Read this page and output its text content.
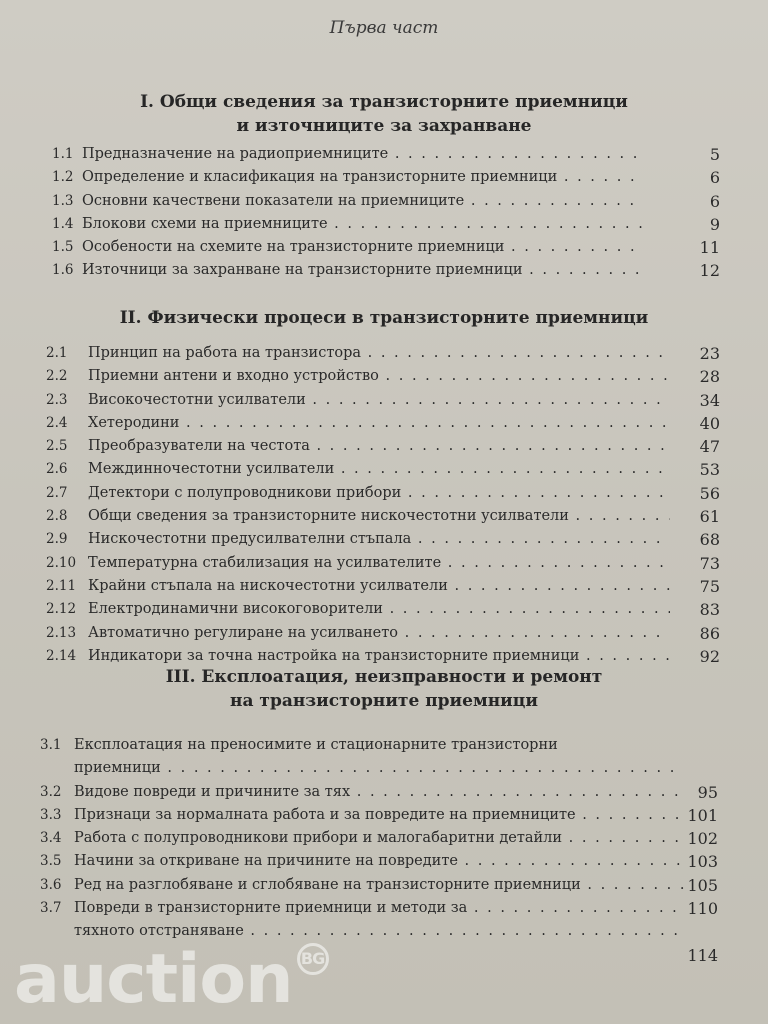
Първа част
I. Общи сведения за транзисторните приемници
и източниците за захранване
1.1 Предназначение на радиоприемниците . . .	5
1.2 Определение и класификация на транзисторните приемници . . .	6
1.3 Основни качествени показатели на приемниците . . .	6
1.4 Блокови схеми на приемниците . . .	9
1.5 Особености на схемите на транзисторните приемници . . .	11
1.6 Източници за захранване на транзисторните приемници . . .	12
II. Физически процеси в транзисторните приемници
2.1	Принцип на работа на транзистора . . .	23
2.2	Приемни антени и входно устройство . . .	28
2.3	Високочестотни усилватели . . .	34
2.4	Хетеродини . . .	40
2.5	Преобразуватели на честота . . .	47
2.6	Междинночестотни усилватели . . .	53
2.7	Детектори с полупроводникови прибори . . .	56
2.8	Общи сведения за транзисторните нискочестотни усилватели . . .	61
2.9	Нискочестотни предусилвателни стъпала . . .	68
2.10 Температурна стабилизация на усилвателите . . .	73
2.11 Крайни стъпала на нискочестотни усилватели . . .	75
2.12 Електродинамични високоговорители . . .	83
2.13 Автоматично регулиране на усилването . . .	86
2.14 Индикатори за точна настройка на транзисторните приемници . . .	92
III. Експлоатация, неизправности и ремонт
на транзисторните приемници
3.1 Експлоатация на преносимите и стационарните транзисторни
приемници . . .
3.2 Видове повреди и причините за тях . . .	95
3.3 Признаци за нормалната работа и за повредите на приемниците . . .	101
3.4 Работа с полупроводникови прибори и малогабаритни детайли . . .	102
3.5 Начини за откриване на причините на повредите . . .	103
3.6 Ред на разглобяване и сглобяване на транзисторните приемници . . .	105
3.7 Повреди в транзисторните приемници и методи за . . .	110
тяхното отстраняване . . .
114
auction BG
